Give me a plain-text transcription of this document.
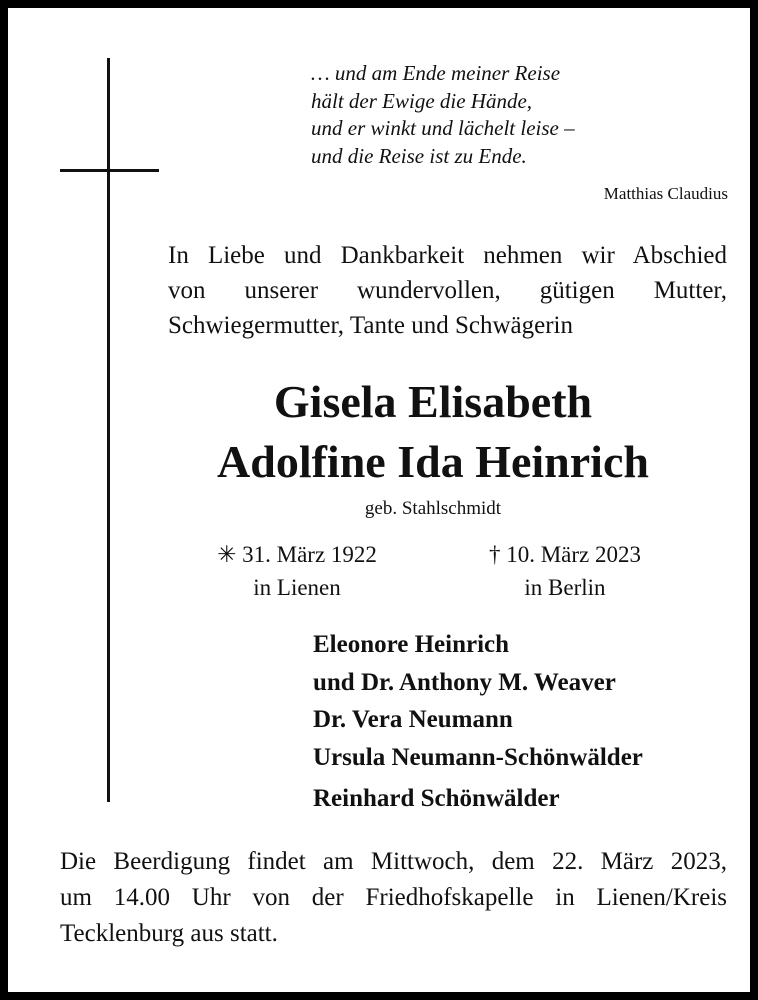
… und am Ende meiner Reise
hält der Ewige die Hände,
und er winkt und lächelt leise –
und die Reise ist zu Ende.
Matthias Claudius
In Liebe und Dankbarkeit nehmen wir Abschied
von unserer wundervollen, gütigen Mutter,
Schwiegermutter, Tante und Schwägerin
Gisela Elisabeth
Adolfine Ida Heinrich
geb. Stahlschmidt
✳ 31. März 1922
in Lienen
† 10. März 2023
in Berlin
Eleonore Heinrich
und Dr. Anthony M. Weaver
Dr. Vera Neumann
Ursula Neumann-Schönwälder
Reinhard Schönwälder
Die Beerdigung findet am Mittwoch, dem 22. März 2023,
um 14.00 Uhr von der Friedhofskapelle in Lienen/Kreis
Tecklenburg aus statt.
